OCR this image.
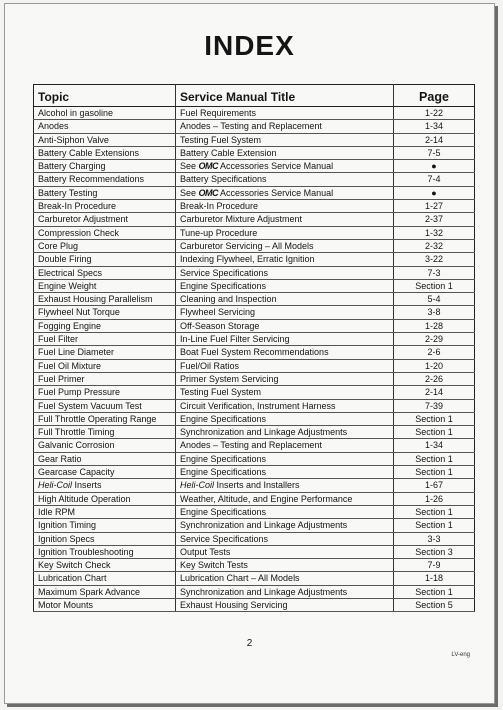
INDEX
Topic	Service Manual Title	Page
Alcohol in gasoline	Fuel Requirements	1-22
Anodes	Anodes – Testing and Replacement	1-34
Anti-Siphon Valve	Testing Fuel System	2-14
Battery Cable Extensions	Battery Cable Extension	7-5
Battery Charging	See OMC Accessories Service Manual	●
Battery Recommendations	Battery Specifications	7-4
Battery Testing	See OMC Accessories Service Manual	●
Break-In Procedure	Break-In Procedure	1-27
Carburetor Adjustment	Carburetor Mixture Adjustment	2-37
Compression Check	Tune-up Procedure	1-32
Core Plug	Carburetor Servicing – All Models	2-32
Double Firing	Indexing Flywheel, Erratic Ignition	3-22
Electrical Specs	Service Specifications	7-3
Engine Weight	Engine Specifications	Section 1
Exhaust Housing Parallelism	Cleaning and Inspection	5-4
Flywheel Nut Torque	Flywheel Servicing	3-8
Fogging Engine	Off-Season Storage	1-28
Fuel Filter	In-Line Fuel Filter Servicing	2-29
Fuel Line Diameter	Boat Fuel System Recommendations	2-6
Fuel Oil Mixture	Fuel/Oil Ratios	1-20
Fuel Primer	Primer System Servicing	2-26
Fuel Pump Pressure	Testing Fuel System	2-14
Fuel System Vacuum Test	Circuit Verification, Instrument Harness	7-39
Full Throttle Operating Range	Engine Specifications	Section 1
Full Throttle Timing	Synchronization and Linkage Adjustments	Section 1
Galvanic Corrosion	Anodes – Testing and Replacement	1-34
Gear Ratio	Engine Specifications	Section 1
Gearcase Capacity	Engine Specifications	Section 1
Heli-Coil Inserts	Heli-Coil Inserts and Installers	1-67
High Altitude Operation	Weather, Altitude, and Engine Performance	1-26
Idle RPM	Engine Specifications	Section 1
Ignition Timing	Synchronization and Linkage Adjustments	Section 1
Ignition Specs	Service Specifications	3-3
Ignition Troubleshooting	Output Tests	Section 3
Key Switch Check	Key Switch Tests	7-9
Lubrication Chart	Lubrication Chart – All Models	1-18
Maximum Spark Advance	Synchronization and Linkage Adjustments	Section 1
Motor Mounts	Exhaust Housing Servicing	Section 5
2
LV-eng
